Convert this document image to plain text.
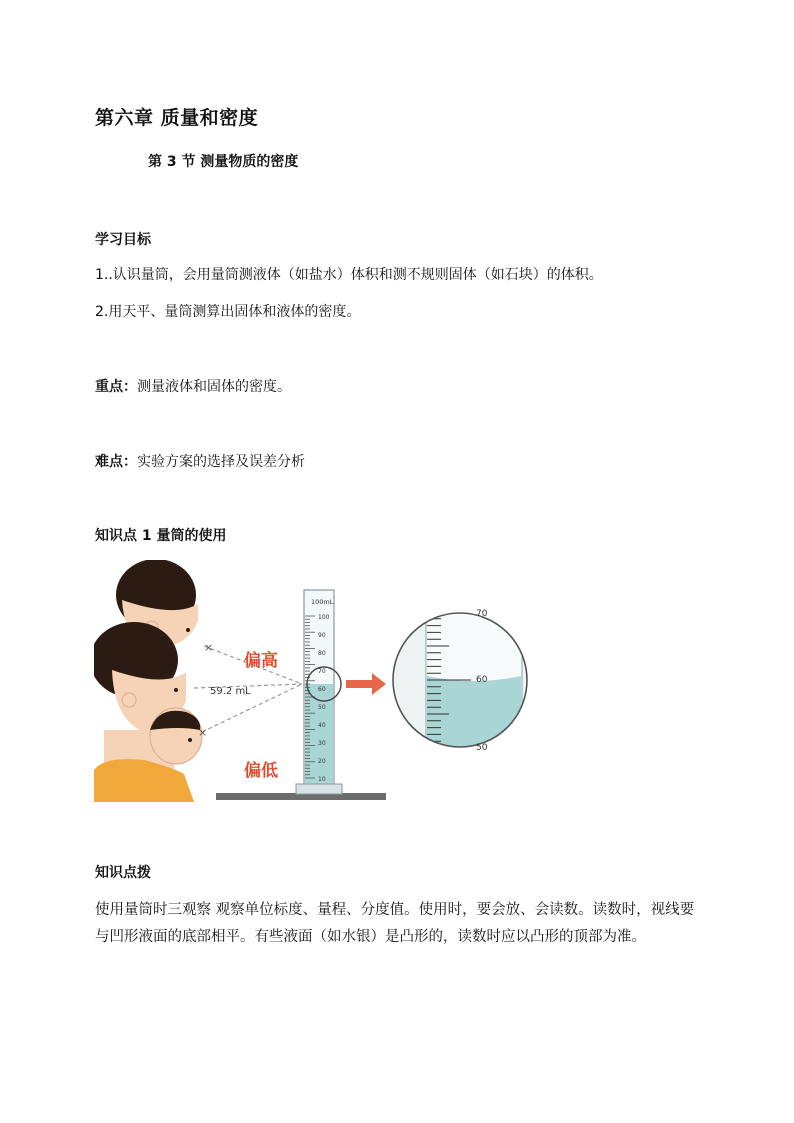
第六章 质量和密度
第 3 节 测量物质的密度
学习目标
1..认识量筒，会用量筒测液体（如盐水）体积和测不规则固体（如石块）的体积。
2.用天平、量筒测算出固体和液体的密度。
重点：测量液体和固体的密度。
难点：实验方案的选择及误差分析
知识点 1 量筒的使用
×
×
100mL
100
90
80
70
60
50
40
30
20
10
59.2 mL
偏高
偏低
70
60
50
知识点拨
使用量筒时三观察 观察单位标度、量程、分度值。使用时，要会放、会读数。读数时，视线要与凹形液面的底部相平。有些液面（如水银）是凸形的，读数时应以凸形的顶部为准。
